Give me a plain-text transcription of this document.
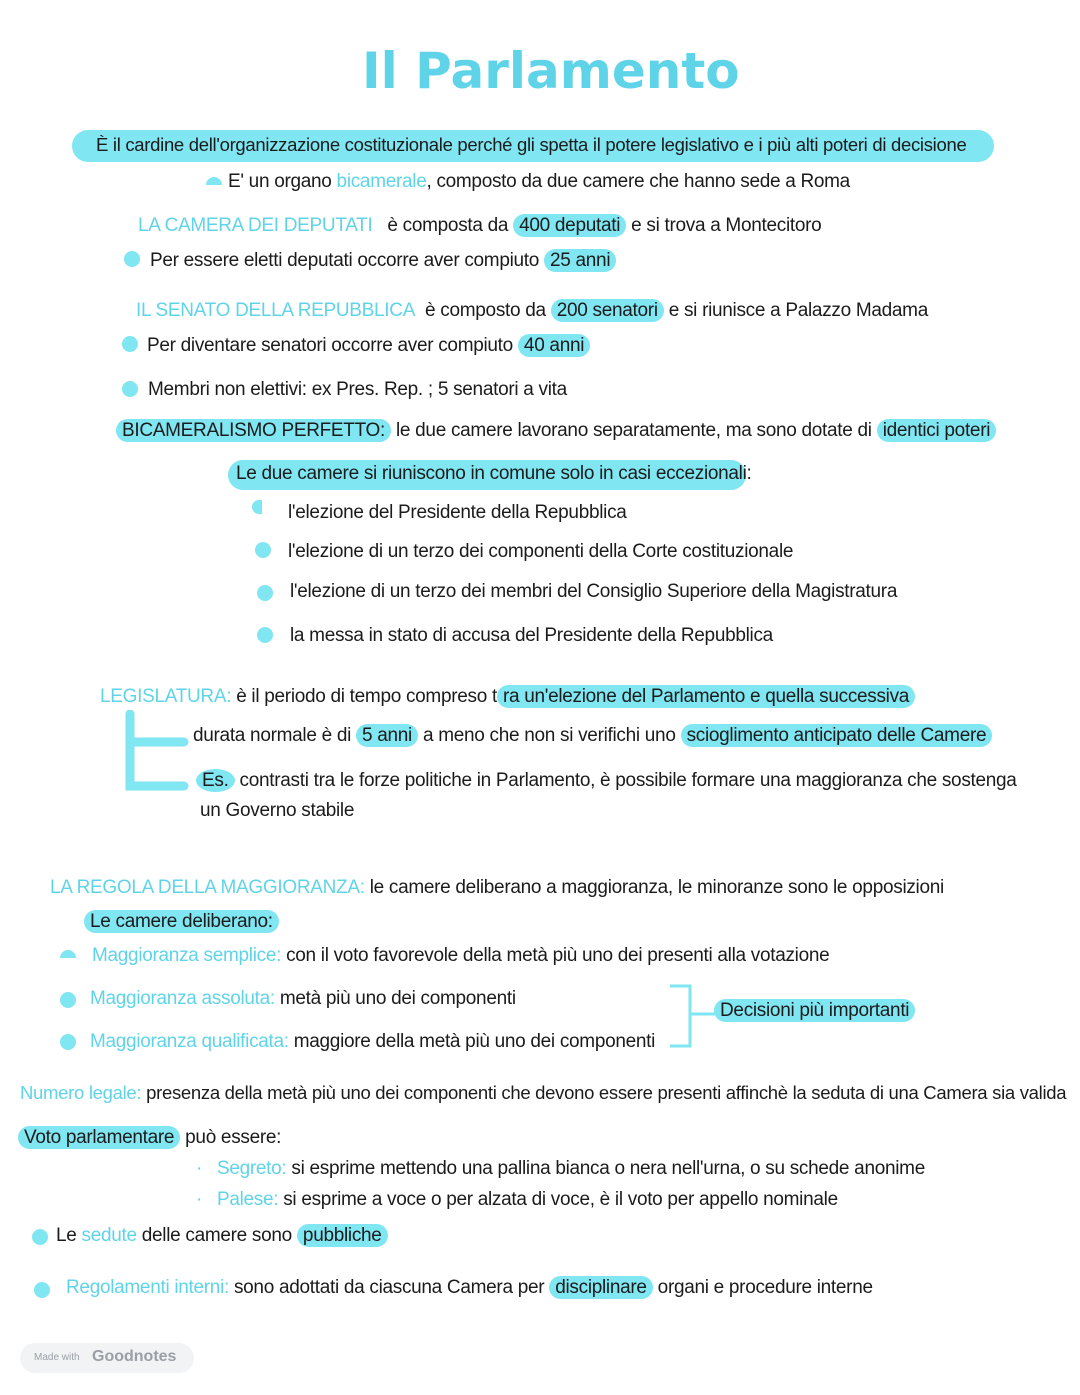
Il Parlamento
È il cardine dell'organizzazione costituzionale perché gli spetta il potere legislativo e i più alti poteri di decisione
E' un organo bicamerale, composto da due camere che hanno sede a Roma
LA CAMERA DEI DEPUTATI è composta da 400 deputati e si trova a Montecitoro
Per essere eletti deputati occorre aver compiuto 25 anni
IL SENATO DELLA REPUBBLICA è composto da 200 senatori e si riunisce a Palazzo Madama
Per diventare senatori occorre aver compiuto 40 anni
Membri non elettivi: ex Pres. Rep. ; 5 senatori a vita
BICAMERALISMO PERFETTO: le due camere lavorano separatamente, ma sono dotate di identici poteri
Le due camere si riuniscono in comune solo in casi eccezionali:
l'elezione del Presidente della Repubblica
l'elezione di un terzo dei componenti della Corte costituzionale
l'elezione di un terzo dei membri del Consiglio Superiore della Magistratura
la messa in stato di accusa del Presidente della Repubblica
LEGISLATURA: è il periodo di tempo compreso t ra un'elezione del Parlamento e quella successiva
durata normale è di 5 anni a meno che non si verifichi uno scioglimento anticipato delle Camere
Es. contrasti tra le forze politiche in Parlamento, è possibile formare una maggioranza che sostenga
un Governo stabile
LA REGOLA DELLA MAGGIORANZA: le camere deliberano a maggioranza, le minoranze sono le opposizioni
Le camere deliberano:
Maggioranza semplice: con il voto favorevole della metà più uno dei presenti alla votazione
Maggioranza assoluta: metà più uno dei componenti
Maggioranza qualificata: maggiore della metà più uno dei componenti
Decisioni più importanti
Numero legale: presenza della metà più uno dei componenti che devono essere presenti affinchè la seduta di una Camera sia valida
Voto parlamentare può essere:
· Segreto: si esprime mettendo una pallina bianca o nera nell'urna, o su schede anonime
· Palese: si esprime a voce o per alzata di voce, è il voto per appello nominale
Le sedute delle camere sono pubbliche
Regolamenti interni: sono adottati da ciascuna Camera per disciplinare organi e procedure interne
Made with Goodnotes
